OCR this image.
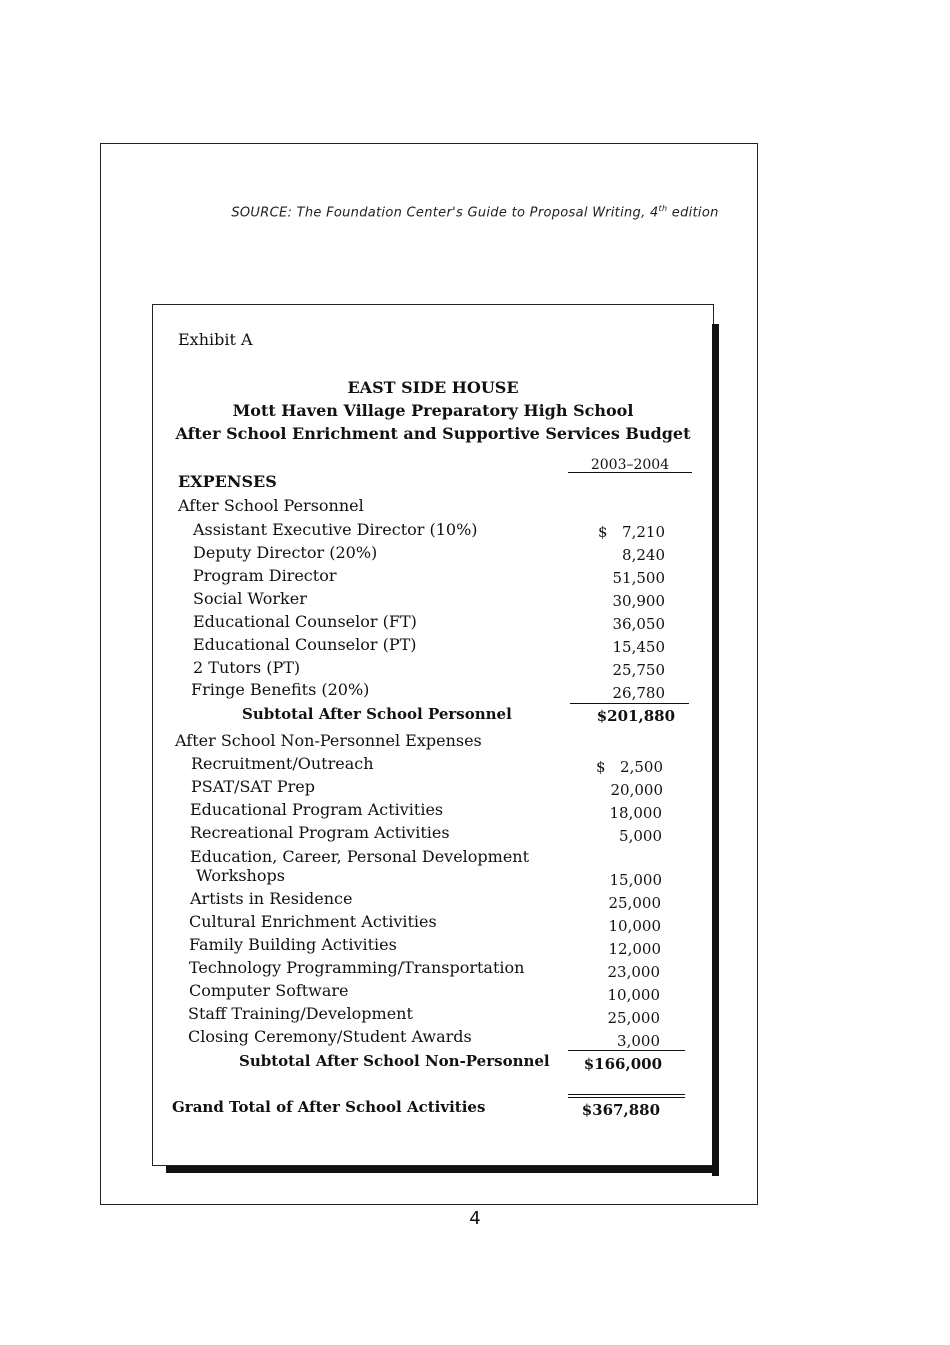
SOURCE: The Foundation Center's Guide to Proposal Writing, 4th edition
Exhibit A
EAST SIDE HOUSE
Mott Haven Village Preparatory High School
After School Enrichment and Supportive Services Budget
2003–2004
EXPENSES
After School Personnel
Assistant Executive Director (10%)	$ 7,210
Deputy Director (20%)	8,240
Program Director	51,500
Social Worker	30,900
Educational Counselor (FT)	36,050
Educational Counselor (PT)	15,450
2 Tutors (PT)	25,750
Fringe Benefits (20%)	26,780
Subtotal After School Personnel	$201,880
After School Non-Personnel Expenses
Recruitment/Outreach	$ 2,500
PSAT/SAT Prep	20,000
Educational Program Activities	18,000
Recreational Program Activities	5,000
Education, Career, Personal Development
Workshops	15,000
Artists in Residence	25,000
Cultural Enrichment Activities	10,000
Family Building Activities	12,000
Technology Programming/Transportation	23,000
Computer Software	10,000
Staff Training/Development	25,000
Closing Ceremony/Student Awards	3,000
Subtotal After School Non-Personnel	$166,000
Grand Total of After School Activities	$367,880
4
